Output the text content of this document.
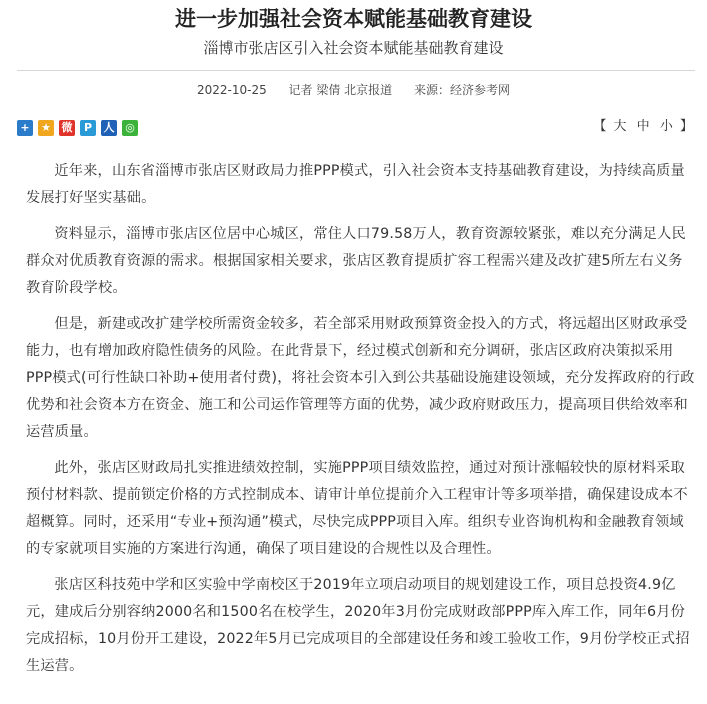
进一步加强社会资本赋能基础教育建设
淄博市张店区引入社会资本赋能基础教育建设
2022-10-25 记者 梁倩 北京报道 来源：经济参考网
+	★ 微	P	人 ◎	【 大 中 小 】

近年来，山东省淄博市张店区财政局力推PPP模式，引入社会资本支持基础教育建设，为持续高质量发展打好坚实基础。

资料显示，淄博市张店区位居中心城区，常住人口79.58万人，教育资源较紧张，难以充分满足人民群众对优质教育资源的需求。根据国家相关要求，张店区教育提质扩容工程需兴建及改扩建5所左右义务教育阶段学校。

但是，新建或改扩建学校所需资金较多，若全部采用财政预算资金投入的方式，将远超出区财政承受能力，也有增加政府隐性债务的风险。在此背景下，经过模式创新和充分调研，张店区政府决策拟采用PPP模式(可行性缺口补助+使用者付费)，将社会资本引入到公共基础设施建设领域，充分发挥政府的行政优势和社会资本方在资金、施工和公司运作管理等方面的优势，减少政府财政压力，提高项目供给效率和运营质量。

此外，张店区财政局扎实推进绩效控制，实施PPP项目绩效监控，通过对预计涨幅较快的原材料采取预付材料款、提前锁定价格的方式控制成本、请审计单位提前介入工程审计等多项举措，确保建设成本不超概算。同时，还采用“专业+预沟通”模式，尽快完成PPP项目入库。组织专业咨询机构和金融教育领域的专家就项目实施的方案进行沟通，确保了项目建设的合规性以及合理性。

张店区科技苑中学和区实验中学南校区于2019年立项启动项目的规划建设工作，项目总投资4.9亿元，建成后分别容纳2000名和1500名在校学生，2020年3月份完成财政部PPP库入库工作，同年6月份完成招标，10月份开工建设，2022年5月已完成项目的全部建设任务和竣工验收工作，9月份学校正式招生运营。
